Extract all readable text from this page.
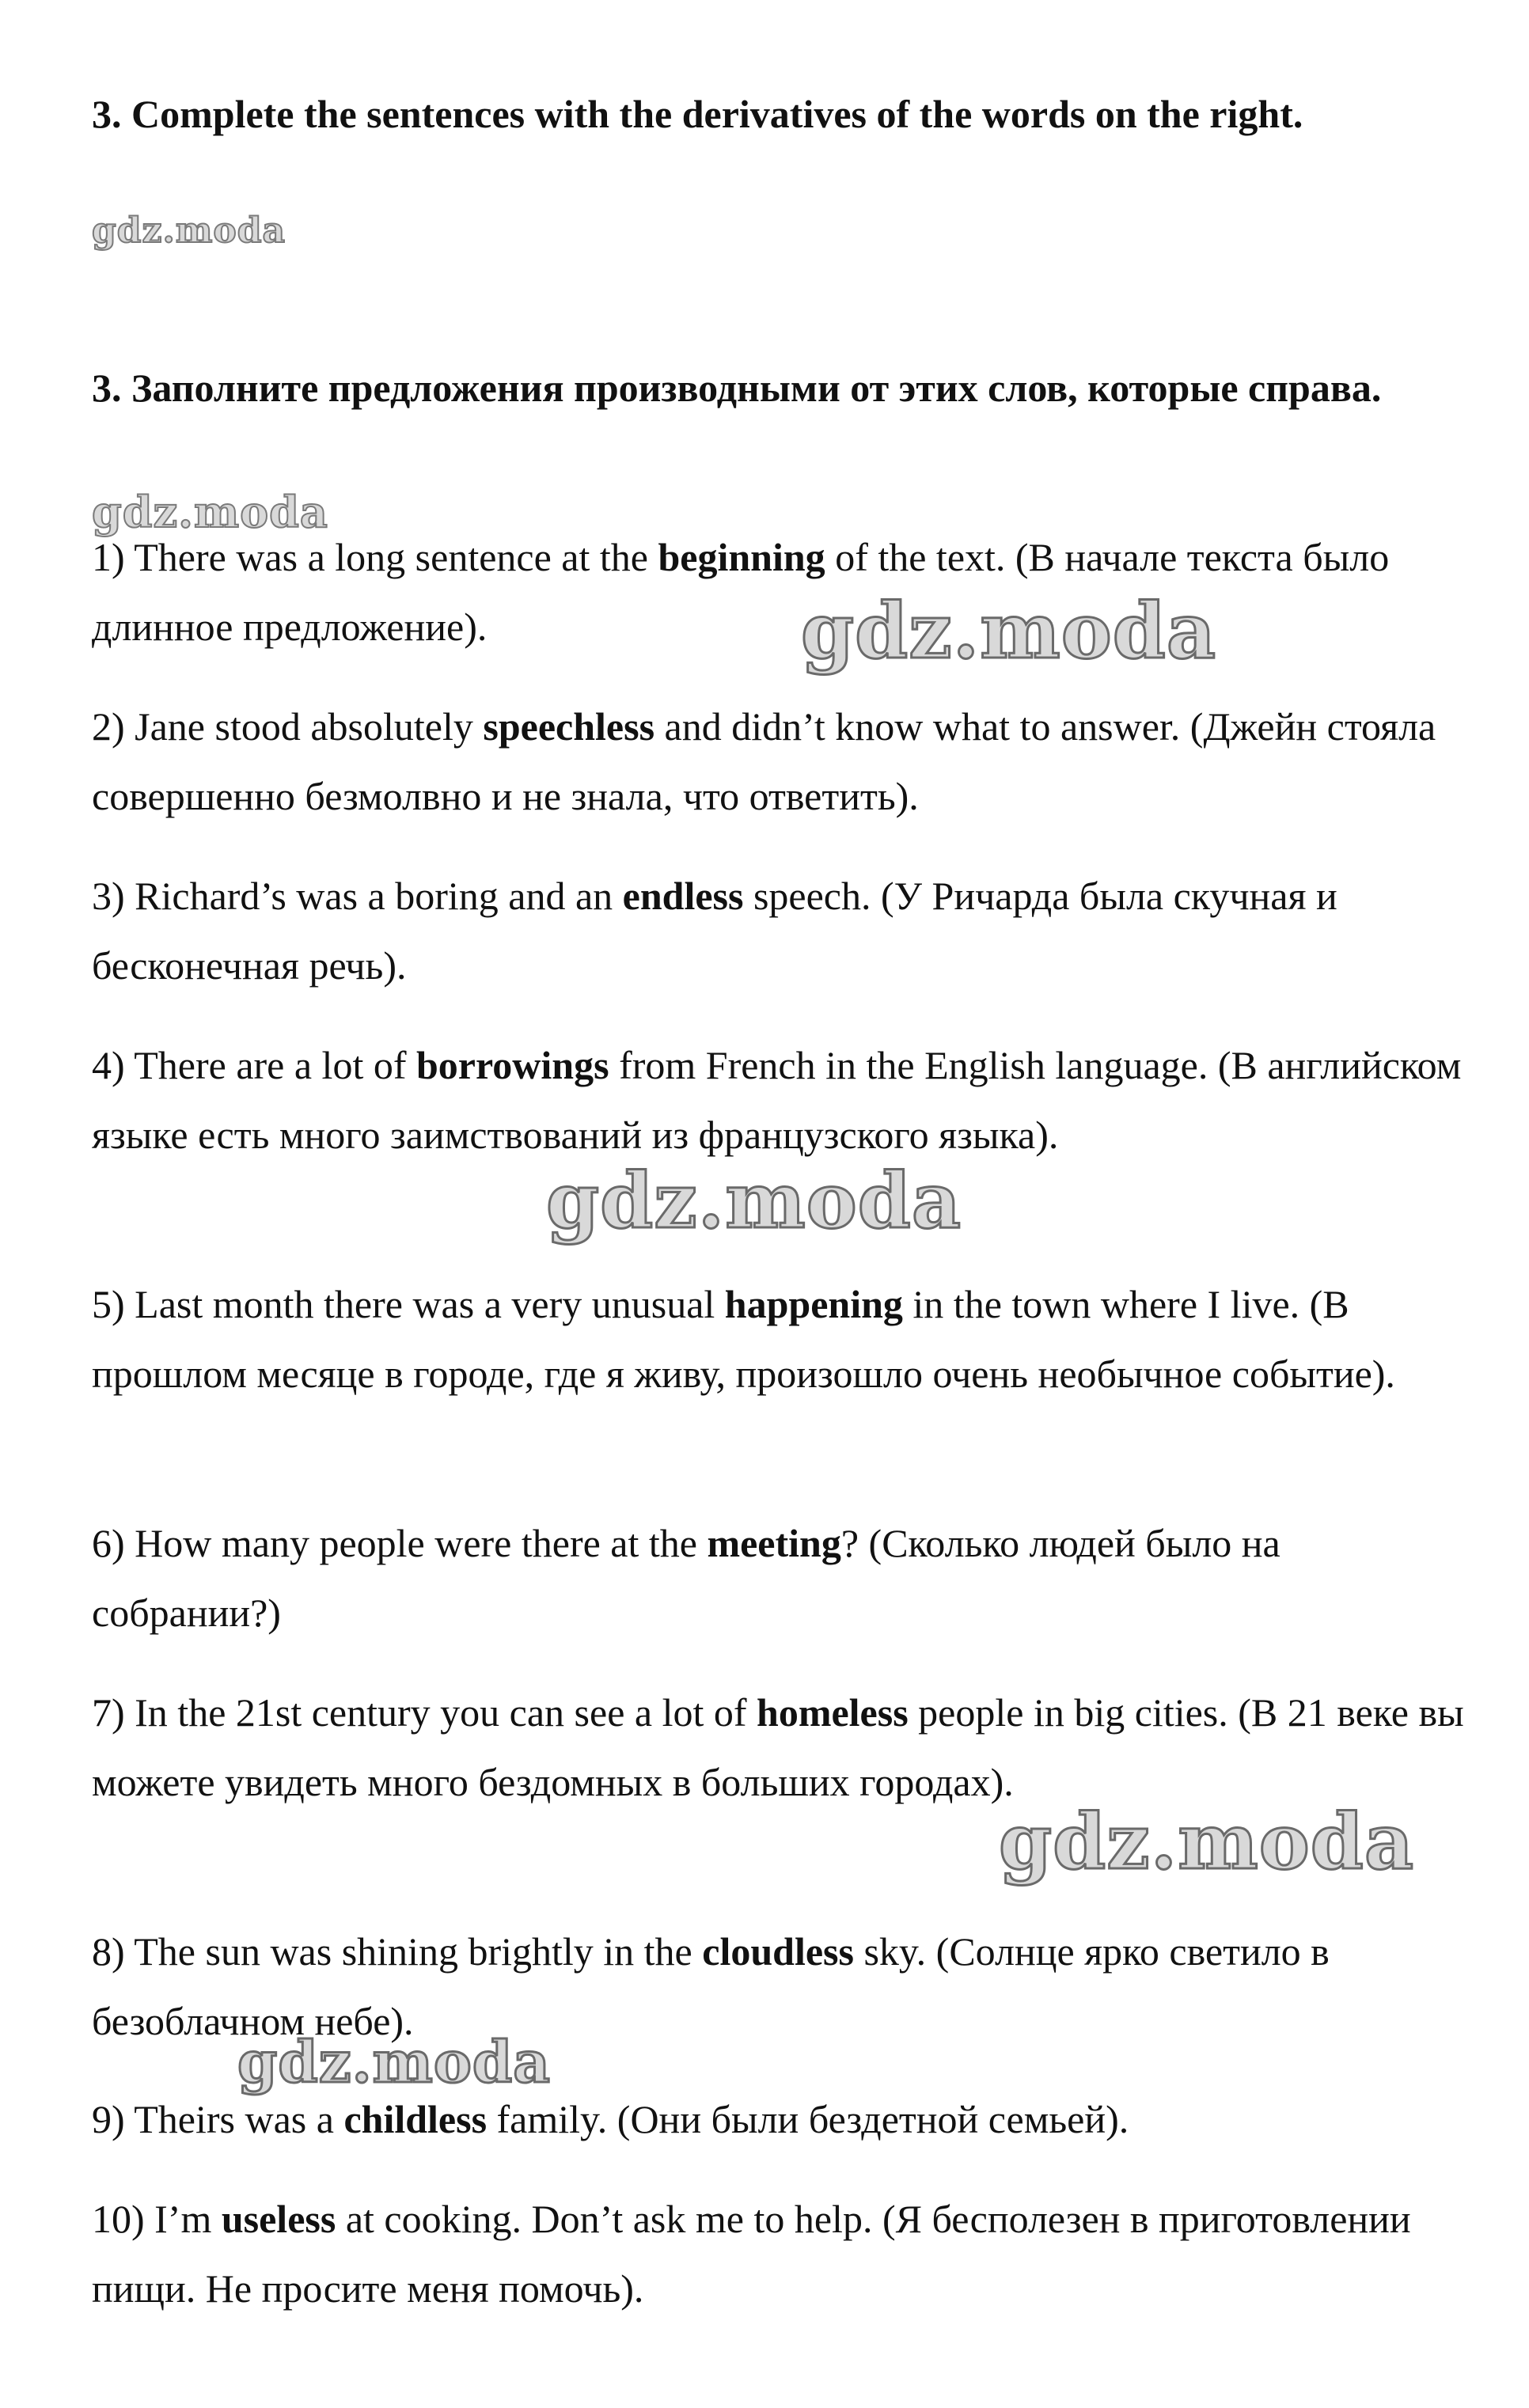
3. Complete the sentences with the derivatives of the words on the right.

gdz.moda

3. Заполните предложения производными от этих слов, которые справа.

gdz.moda

1) There was a long sentence at the beginning of the text. (В начале текста было длинное предложение).	gdz.moda

2) Jane stood absolutely speechless and didn’t know what to answer. (Джейн стояла совершенно безмолвно и не знала, что ответить).

3) Richard’s was a boring and an endless speech. (У Ричарда была скучная и бесконечная речь).

4) There are a lot of borrowings from French in the English language. (В английском языке есть много заимствований из французского языка).

gdz.moda

5) Last month there was a very unusual happening in the town where I live. (В прошлом месяце в городе, где я живу, произошло очень необычное событие).

6) How many people were there at the meeting? (Сколько людей было на собрании?)

7) In the 21st century you can see a lot of homeless people in big cities. (В 21 веке вы можете увидеть много бездомных в больших городах).

gdz.moda

8) The sun was shining brightly in the cloudless sky. (Солнце ярко светило в безоблачном небе).

gdz.moda

9) Theirs was a childless family. (Они были бездетной семьей).

10) I’m useless at cooking. Don’t ask me to help. (Я бесполезен в приготовлении пищи. Не просите меня помочь).
